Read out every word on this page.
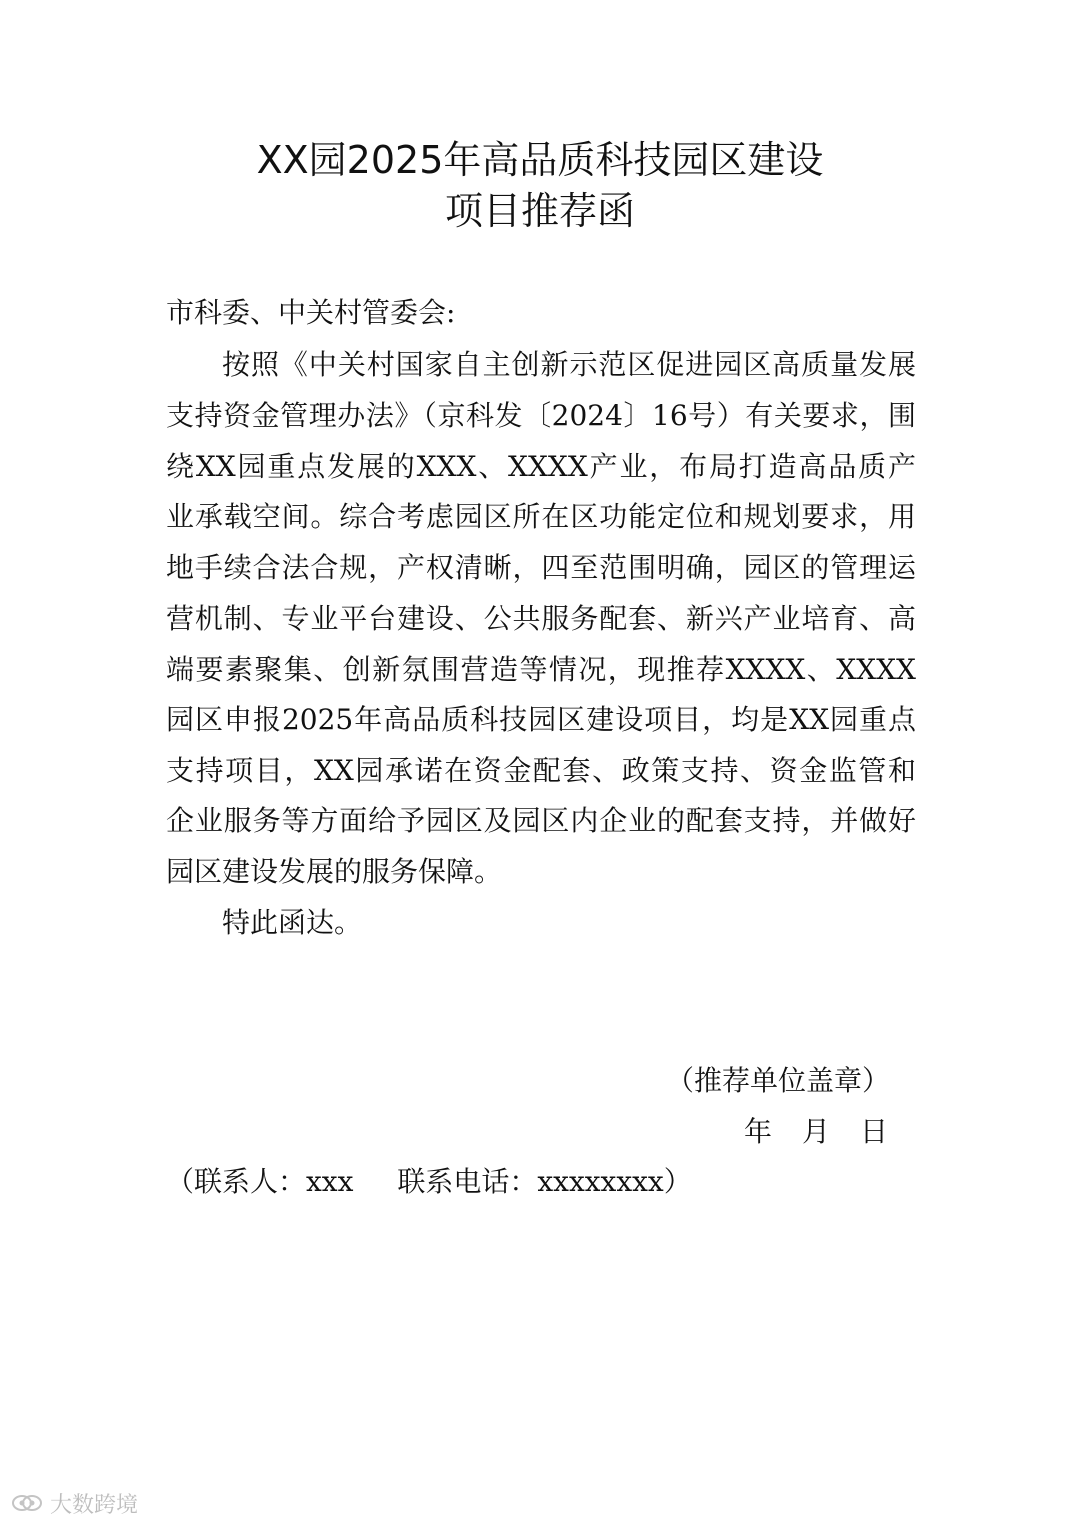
XX园2025年高品质科技园区建设
项目推荐函
市科委、中关村管委会:
按照《中关村国家自主创新示范区促进园区高质量发展
支持资金管理办法》（京科发〔2024〕16号）有关要求，围
绕XX园重点发展的XXX、XXXX产业，布局打造高品质产
业承载空间。综合考虑园区所在区功能定位和规划要求，用
地手续合法合规，产权清晰，四至范围明确，园区的管理运
营机制、专业平台建设、公共服务配套、新兴产业培育、高
端要素聚集、创新氛围营造等情况，现推荐XXXX、XXXX
园区申报2025年高品质科技园区建设项目，均是XX园重点
支持项目，XX园承诺在资金配套、政策支持、资金监管和
企业服务等方面给予园区及园区内企业的配套支持，并做好
园区建设发展的服务保障。
特此函达。
（推荐单位盖章）
年 月 日
（联系人：xxx 联系电话：xxxxxxxx）
大数跨境
